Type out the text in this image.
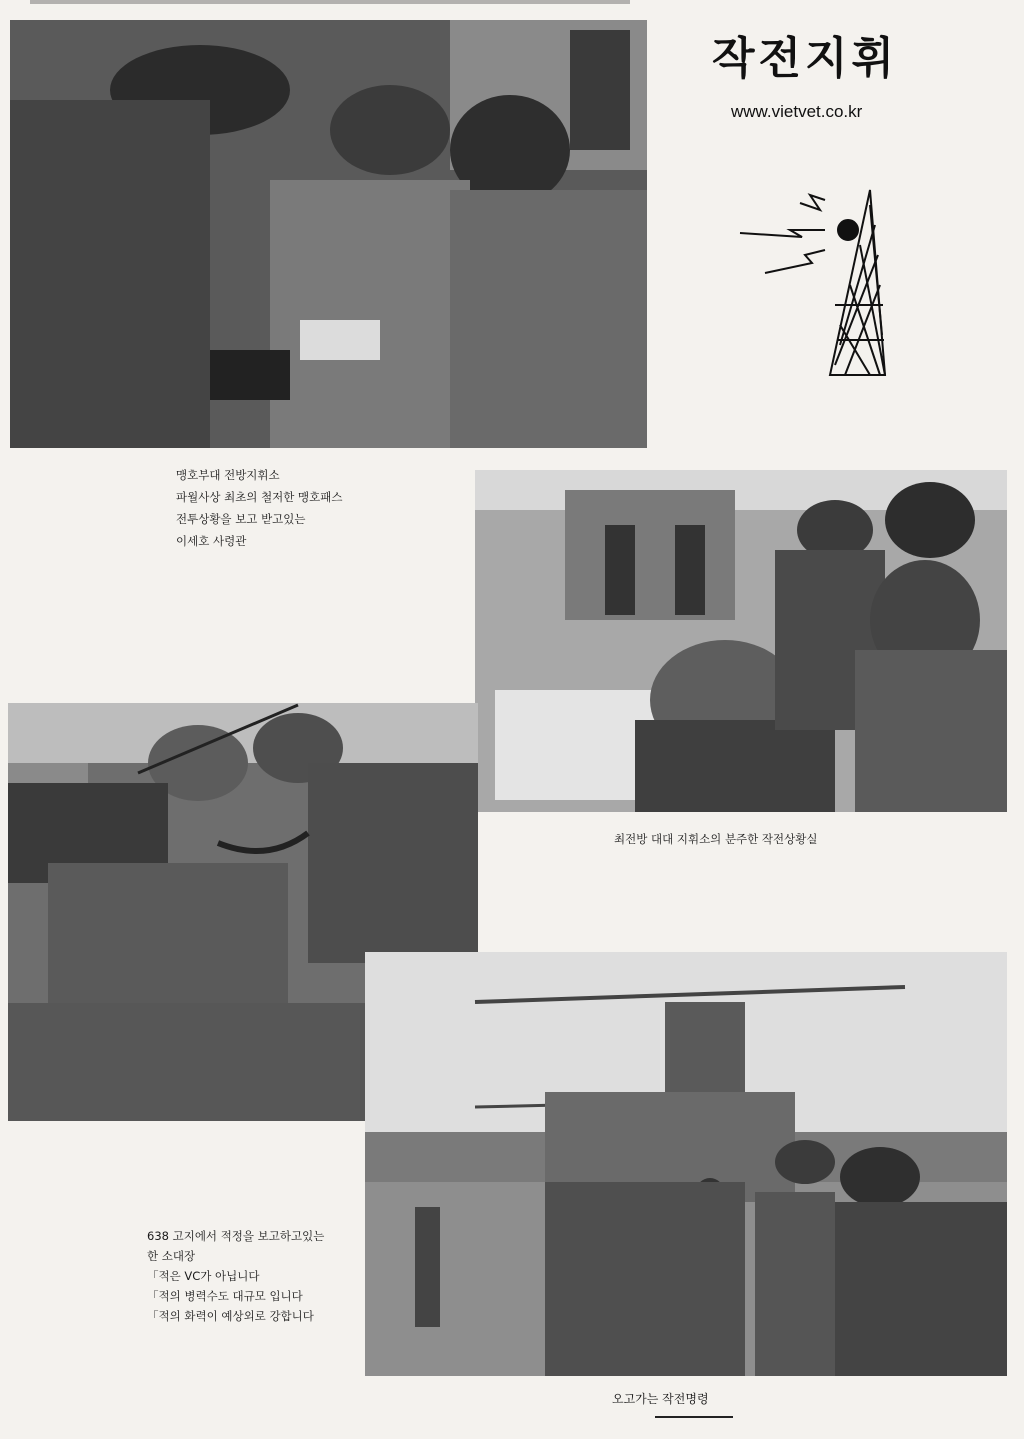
작전지휘
www.vietvet.co.kr
맹호부대 전방지휘소
파월사상 최초의 철저한 맹호패스
전투상황을 보고 받고있는
이세호 사령관
최전방 대대 지휘소의 분주한 작전상황실
638 고지에서 적정을 보고하고있는
한 소대장
「적은 VC가 아닙니다
「적의 병력수도 대규모 입니다
「적의 화력이 예상외로 강합니다
오고가는 작전명령
